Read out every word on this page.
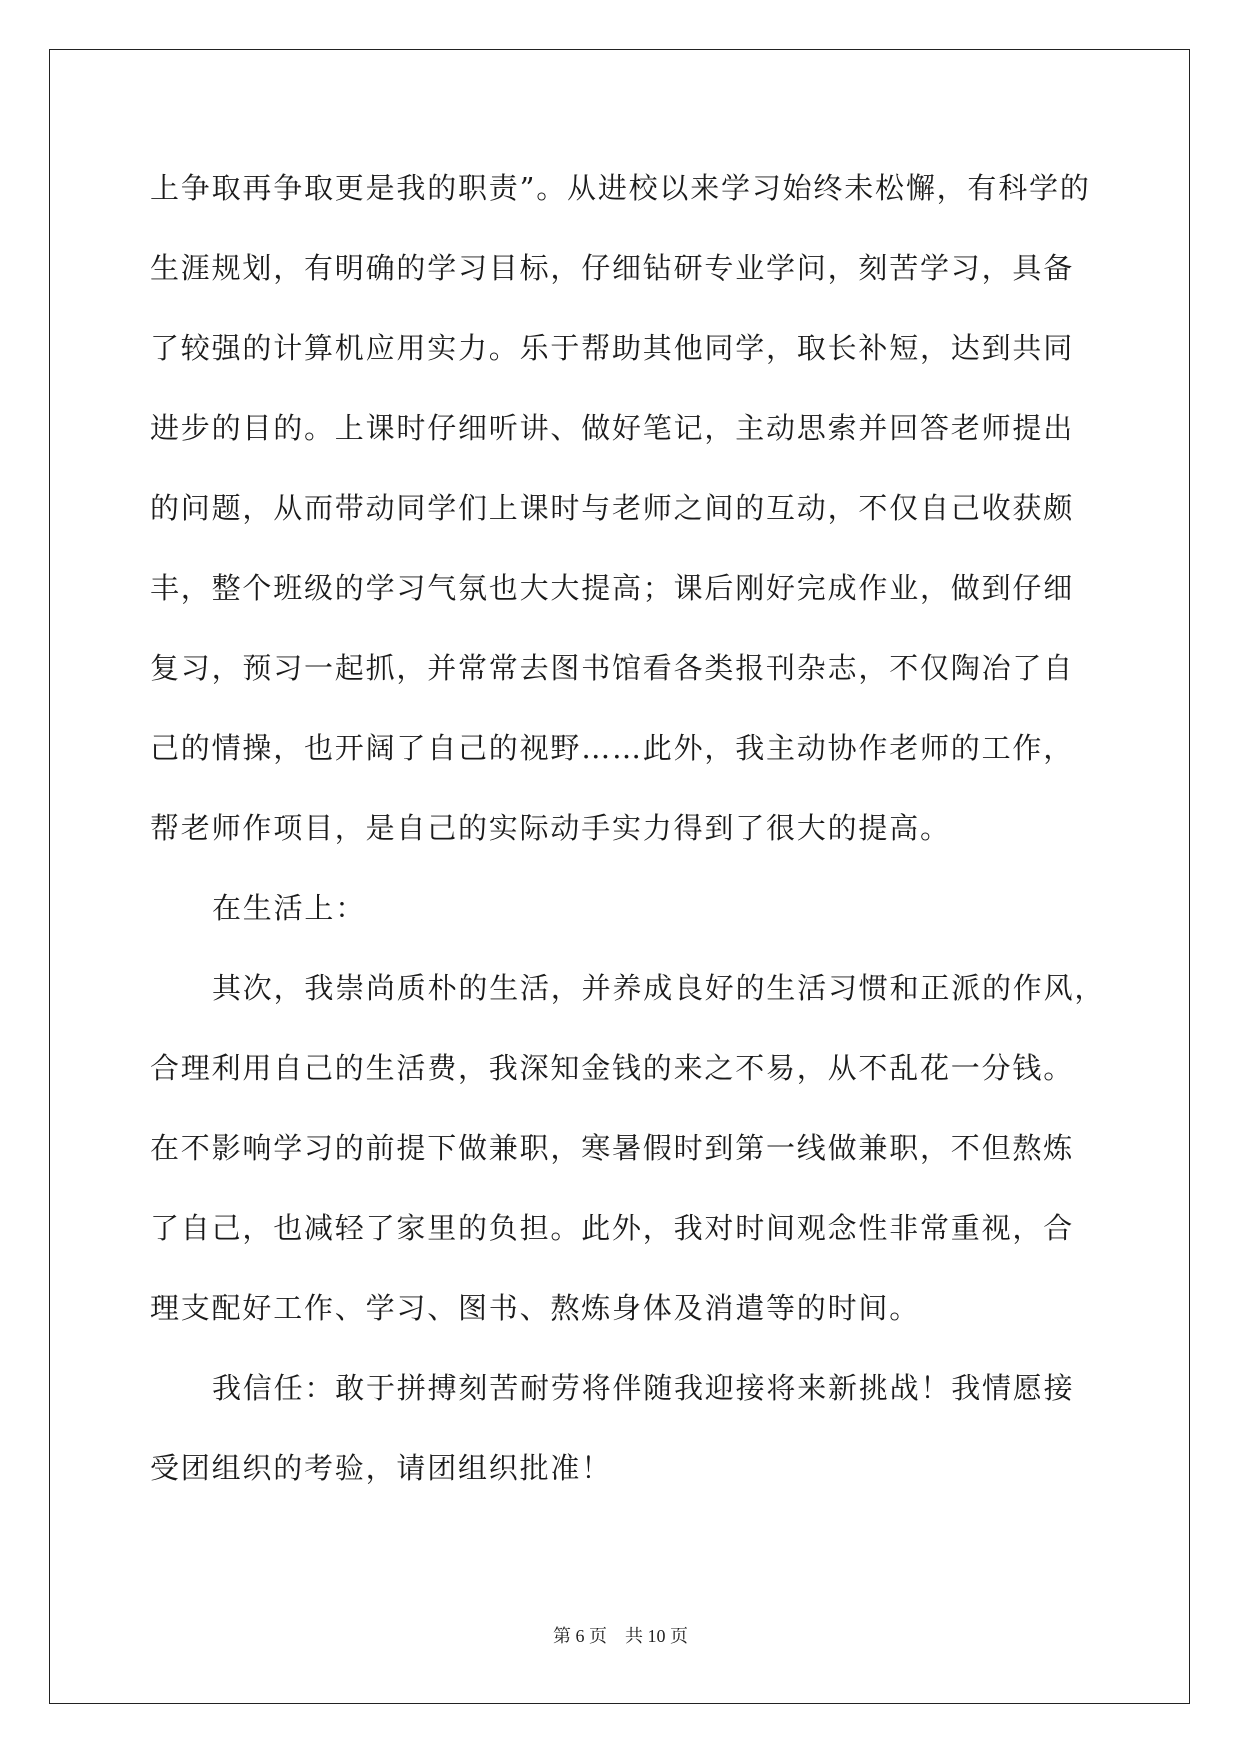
上争取再争取更是我的职责”。从进校以来学习始终未松懈，有科学的
生涯规划，有明确的学习目标，仔细钻研专业学问，刻苦学习，具备
了较强的计算机应用实力。乐于帮助其他同学，取长补短，达到共同
进步的目的。上课时仔细听讲、做好笔记，主动思索并回答老师提出
的问题，从而带动同学们上课时与老师之间的互动，不仅自己收获颇
丰，整个班级的学习气氛也大大提高；课后刚好完成作业，做到仔细
复习，预习一起抓，并常常去图书馆看各类报刊杂志，不仅陶冶了自
己的情操，也开阔了自己的视野……此外，我主动协作老师的工作，
帮老师作项目，是自己的实际动手实力得到了很大的提高。
在生活上：
其次，我崇尚质朴的生活，并养成良好的生活习惯和正派的作风，
合理利用自己的生活费，我深知金钱的来之不易，从不乱花一分钱。
在不影响学习的前提下做兼职，寒暑假时到第一线做兼职，不但熬炼
了自己，也减轻了家里的负担。此外，我对时间观念性非常重视，合
理支配好工作、学习、图书、熬炼身体及消遣等的时间。
我信任：敢于拼搏刻苦耐劳将伴随我迎接将来新挑战！我情愿接
受团组织的考验，请团组织批准！
第 6 页 共 10 页
